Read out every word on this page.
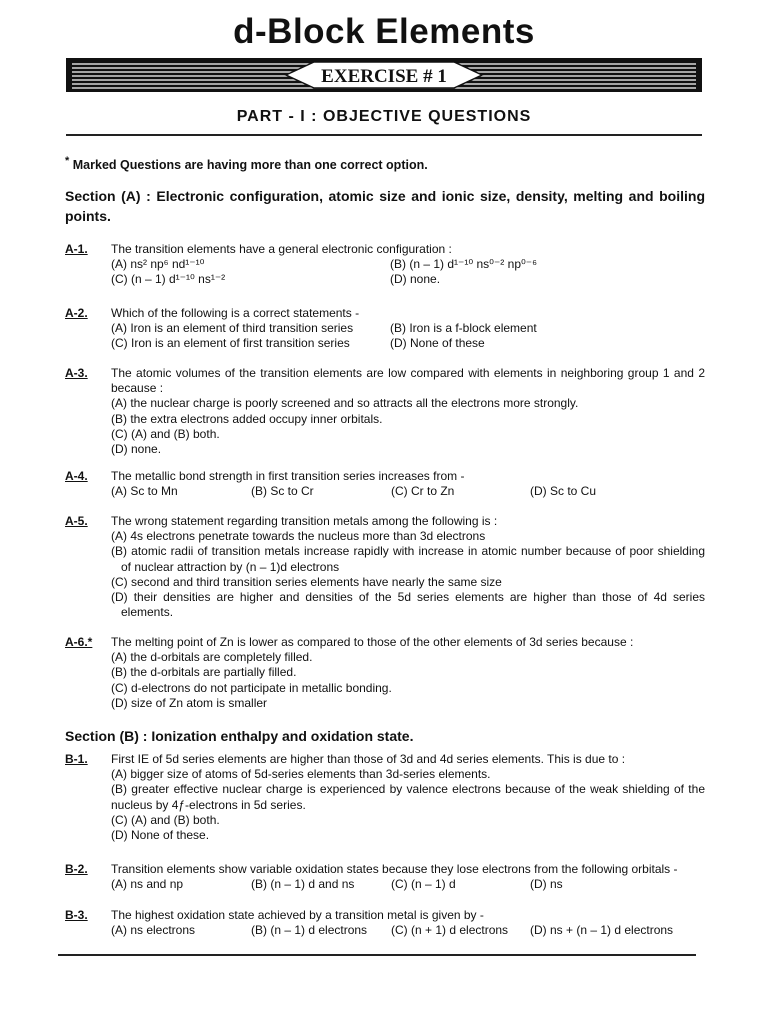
d-Block Elements
EXERCISE # 1
PART - I : OBJECTIVE QUESTIONS
* Marked Questions are having more than one correct option.
Section (A) : Electronic configuration, atomic size and ionic size, density, melting and boiling points.
A-1. The transition elements have a general electronic configuration :
(A) ns² np⁶ nd¹⁻¹⁰	(B) (n – 1) d¹⁻¹⁰ ns⁰⁻² np⁰⁻⁶
(C) (n – 1) d¹⁻¹⁰ ns¹⁻²	(D) none.
A-2. Which of the following is a correct statements -
(A) Iron is an element of third transition series	(B) Iron is a f-block element
(C) Iron is an element of first transition series	(D) None of these
A-3. The atomic volumes of the transition elements are low compared with elements in neighboring group 1 and 2 because :
(A) the nuclear charge is poorly screened and so attracts all the electrons more strongly.
(B) the extra electrons added occupy inner orbitals.
(C) (A) and (B) both.
(D) none.
A-4. The metallic bond strength in first transition series increases from -
(A) Sc to Mn	(B) Sc to Cr	(C) Cr to Zn	(D) Sc to Cu
A-5. The wrong statement regarding transition metals among the following is :
(A) 4s electrons penetrate towards the nucleus more than 3d electrons
(B) atomic radii of transition metals increase rapidly with increase in atomic number because of poor shielding of nuclear attraction by (n – 1)d electrons
(C) second and third transition series elements have nearly the same size
(D) their densities are higher and densities of the 5d series elements are higher than those of 4d series elements.
A-6.* The melting point of Zn is lower as compared to those of the other elements of 3d series because :
(A) the d-orbitals are completely filled.
(B) the d-orbitals are partially filled.
(C) d-electrons do not participate in metallic bonding.
(D) size of Zn atom is smaller
Section (B) : Ionization enthalpy and oxidation state.
B-1. First IE of 5d series elements are higher than those of 3d and 4d series elements. This is due to :
(A) bigger size of atoms of 5d-series elements than 3d-series elements.
(B) greater effective nuclear charge is experienced by valence electrons because of the weak shielding of the nucleus by 4ƒ-electrons in 5d series.
(C) (A) and (B) both.
(D) None of these.
B-2. Transition elements show variable oxidation states because they lose electrons from the following orbitals -
(A) ns and np	(B) (n – 1) d and ns	(C) (n – 1) d	(D) ns
B-3. The highest oxidation state achieved by a transition metal is given by -
(A) ns electrons	(B) (n – 1) d electrons	(C) (n + 1) d electrons	(D) ns + (n – 1) d electrons
